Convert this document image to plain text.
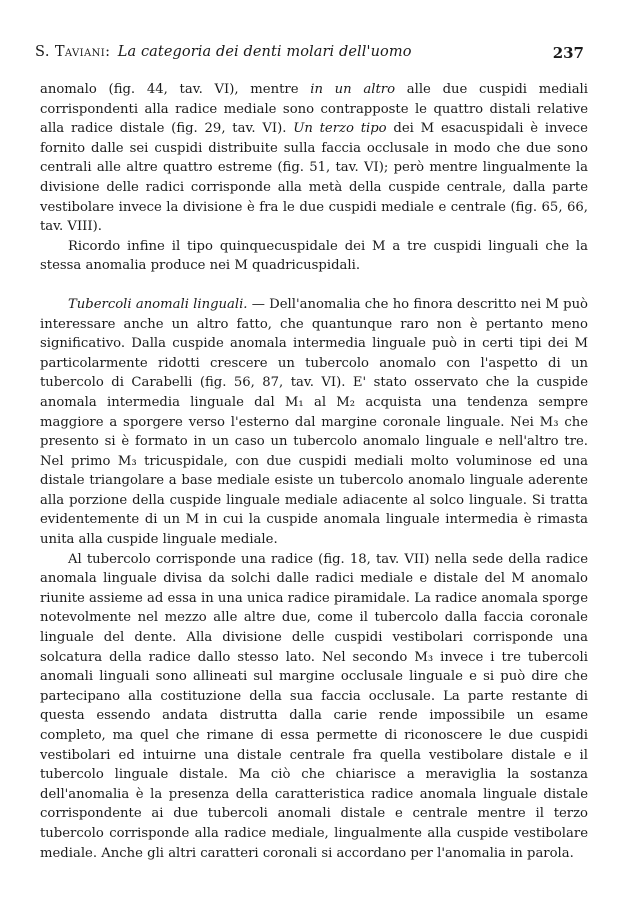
S. Taviani:  La categoria dei denti molari dell'uomo	237

anomalo (fig. 44, tav. VI), mentre in un altro alle due cuspidi mediali corrispondenti alla radice mediale sono contrapposte le quattro distali relative alla radice distale (fig. 29, tav. VI). Un terzo tipo dei M esacuspidali è invece fornito dalle sei cuspidi distribuite sulla faccia occlusale in modo che due sono centrali alle altre quattro estreme (fig. 51, tav. VI); però mentre lingualmente la divisione delle radici corrisponde alla metà della cuspide centrale, dalla parte vestibolare invece la divisione è fra le due cuspidi mediale e centrale (fig. 65, 66, tav. VIII).

Ricordo infine il tipo quinquecuspidale dei M a tre cuspidi linguali che la stessa anomalia produce nei M quadricuspidali.

Tubercoli anomali linguali. — Dell'anomalia che ho finora descritto nei M può interessare anche un altro fatto, che quantunque raro non è pertanto meno significativo. Dalla cuspide anomala intermedia linguale può in certi tipi dei M particolarmente ridotti crescere un tubercolo anomalo con l'aspetto di un tubercolo di Carabelli (fig. 56, 87, tav. VI). E' stato osservato che la cuspide anomala intermedia linguale dal M₁ al M₂ acquista una tendenza sempre maggiore a sporgere verso l'esterno dal margine coronale linguale. Nei M₃ che presento si è formato in un caso un tubercolo anomalo linguale e nell'altro tre. Nel primo M₃ tricuspidale, con due cuspidi mediali molto voluminose ed una distale triangolare a base mediale esiste un tubercolo anomalo linguale aderente alla porzione della cuspide linguale mediale adiacente al solco linguale. Si tratta evidentemente di un M in cui la cuspide anomala linguale intermedia è rimasta unita alla cuspide linguale mediale.

Al tubercolo corrisponde una radice (fig. 18, tav. VII) nella sede della radice anomala linguale divisa da solchi dalle radici mediale e distale del M anomalo riunite assieme ad essa in una unica radice piramidale. La radice anomala sporge notevolmente nel mezzo alle altre due, come il tubercolo dalla faccia coronale linguale del dente. Alla divisione delle cuspidi vestibolari corrisponde una solcatura della radice dallo stesso lato. Nel secondo M₃ invece i tre tubercoli anomali linguali sono allineati sul margine occlusale linguale e si può dire che partecipano alla costituzione della sua faccia occlusale. La parte restante di questa essendo andata distrutta dalla carie rende impossibile un esame completo, ma quel che rimane di essa permette di riconoscere le due cuspidi vestibolari ed intuirne una distale centrale fra quella vestibolare distale e il tubercolo linguale distale. Ma ciò che chiarisce a meraviglia la sostanza dell'anomalia è la presenza della caratteristica radice anomala linguale distale corrispondente ai due tubercoli anomali distale e centrale mentre il terzo tubercolo corrisponde alla radice mediale, lingualmente alla cuspide vestibolare mediale. Anche gli altri caratteri coronali si accordano per l'anomalia in parola.
